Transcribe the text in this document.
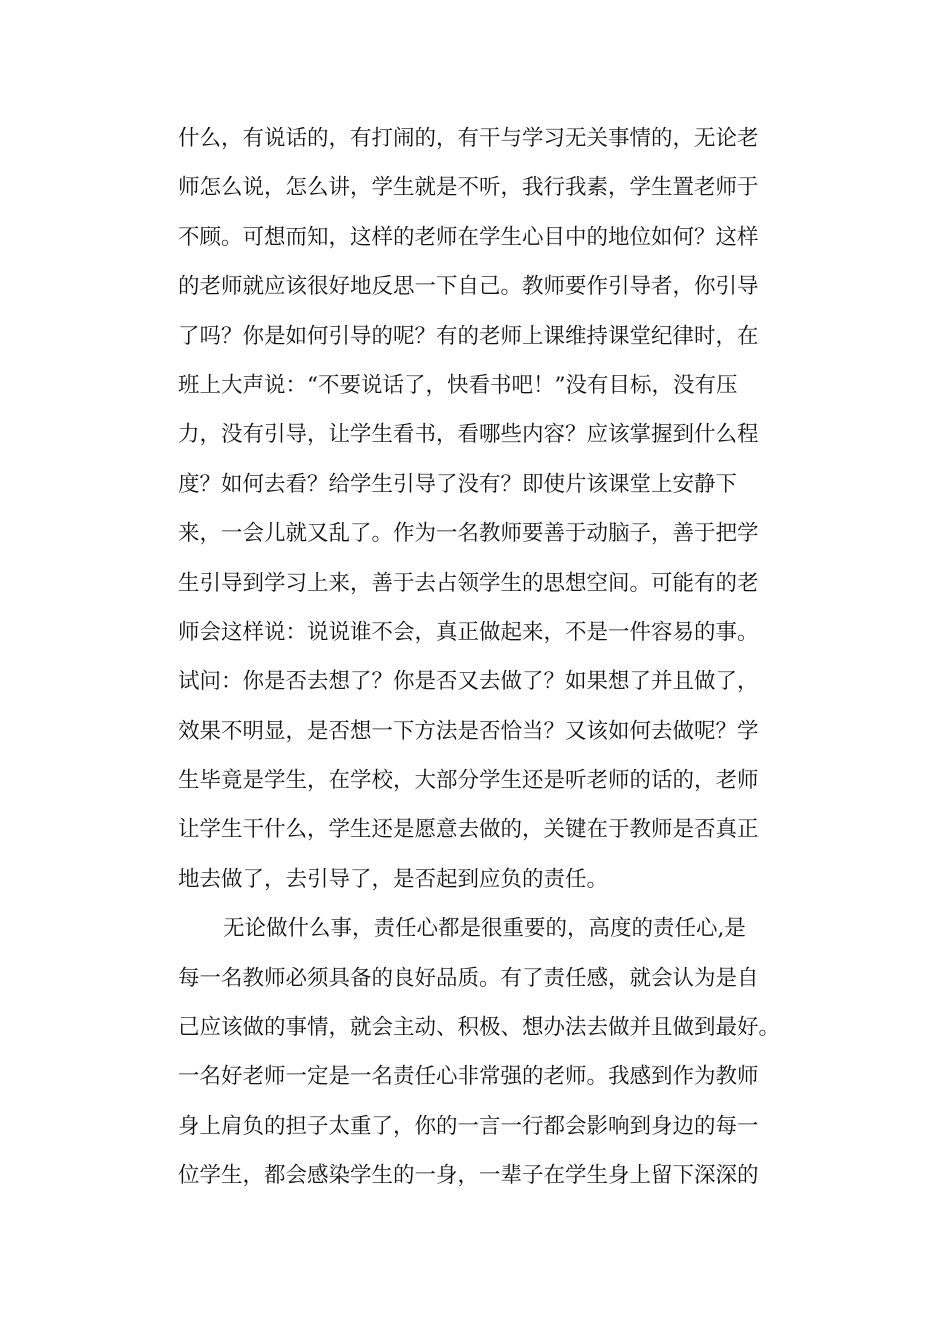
什么，有说话的，有打闹的，有干与学习无关事情的，无论老
师怎么说，怎么讲，学生就是不听，我行我素，学生置老师于
不顾。可想而知，这样的老师在学生心目中的地位如何？这样
的老师就应该很好地反思一下自己。教师要作引导者，你引导
了吗？你是如何引导的呢？有的老师上课维持课堂纪律时，在
班上大声说：“不要说话了，快看书吧！”没有目标，没有压
力，没有引导，让学生看书，看哪些内容？应该掌握到什么程
度？如何去看？给学生引导了没有？即使片该课堂上安静下
来，一会儿就又乱了。作为一名教师要善于动脑子，善于把学
生引导到学习上来，善于去占领学生的思想空间。可能有的老
师会这样说：说说谁不会，真正做起来，不是一件容易的事。
试问：你是否去想了？你是否又去做了？如果想了并且做了，
效果不明显，是否想一下方法是否恰当？又该如何去做呢？学
生毕竟是学生，在学校，大部分学生还是听老师的话的，老师
让学生干什么，学生还是愿意去做的，关键在于教师是否真正
地去做了，去引导了，是否起到应负的责任。
无论做什么事，责任心都是很重要的，高度的责任心,是
每一名教师必须具备的良好品质。有了责任感，就会认为是自
己应该做的事情，就会主动、积极、想办法去做并且做到最好。
一名好老师一定是一名责任心非常强的老师。我感到作为教师
身上肩负的担子太重了，你的一言一行都会影响到身边的每一
位学生，都会感染学生的一身，一辈子在学生身上留下深深的
